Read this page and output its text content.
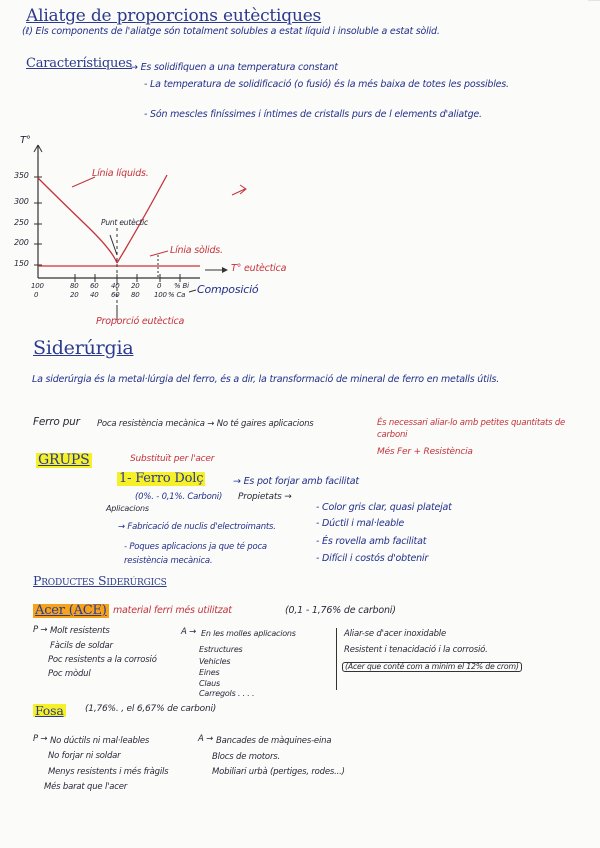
Aliatge de proporcions eutèctiques
(ℓ) Els components de l'aliatge són totalment solubles a estat líquid i insoluble a estat sòlid.
Característiques
→ Es solidifiquen a una temperatura constant
- La temperatura de solidificació (o fusió) és la més baixa de totes les possibles.
- Són mescles finíssimes i íntimes de cristalls purs de l elements d'aliatge.
T°
350
300
250
200
150
100	80 60 40 20 0
0	20 40 60 80 100
% Bi
% Ca Composició
Línia líquids.
Punt eutèctic
Línia sòlids.
T° eutèctica
Proporció eutèctica
Siderúrgia
La siderúrgia és la metal·lúrgia del ferro, és a dir, la transformació de mineral de ferro en metalls útils.
Ferro pur Poca resistència mecànica → No té gaires aplicacions	És necessari aliar-lo amb petites quantitats de carboni
Més Fer + Resistència
Substituït per l'acer
GRUPS
1- Ferro Dolç	→ Es pot forjar amb facilitat
(0%. - 0,1%. Carboni) Propietats →
- Color gris clar, quasi platejat
- Dúctil i mal·leable
- És rovella amb facilitat
- Difícil i costós d'obtenir
Aplicacions
→ Fabricació de nuclis d'electroimants.
- Poques aplicacions ja que té poca resistència mecànica.
Productes Siderúrgics
Acer (ACE) material ferri més utilitzat	(0,1 - 1,76% de carboni)
P → Molt resistents
Fàcils de soldar
Poc resistents a la corrosió
Poc mòdul
A → En les molles aplicacions
Estructures
Vehicles
Eines
Claus
Carregols . . . .
Aliar-se d'acer inoxidable
Resistent i tenacidació i la corrosió.
(Acer que conté com a mínim el 12% de crom)
Fosa (1,76%. , el 6,67% de carboni)
P → No dúctils ni mal·leables
No forjar ni soldar
Menys resistents i més fràgils
Més barat que l'acer
A → Bancades de màquines-eina
Blocs de motors.
Mobiliari urbà (pertiges, rodes...)
